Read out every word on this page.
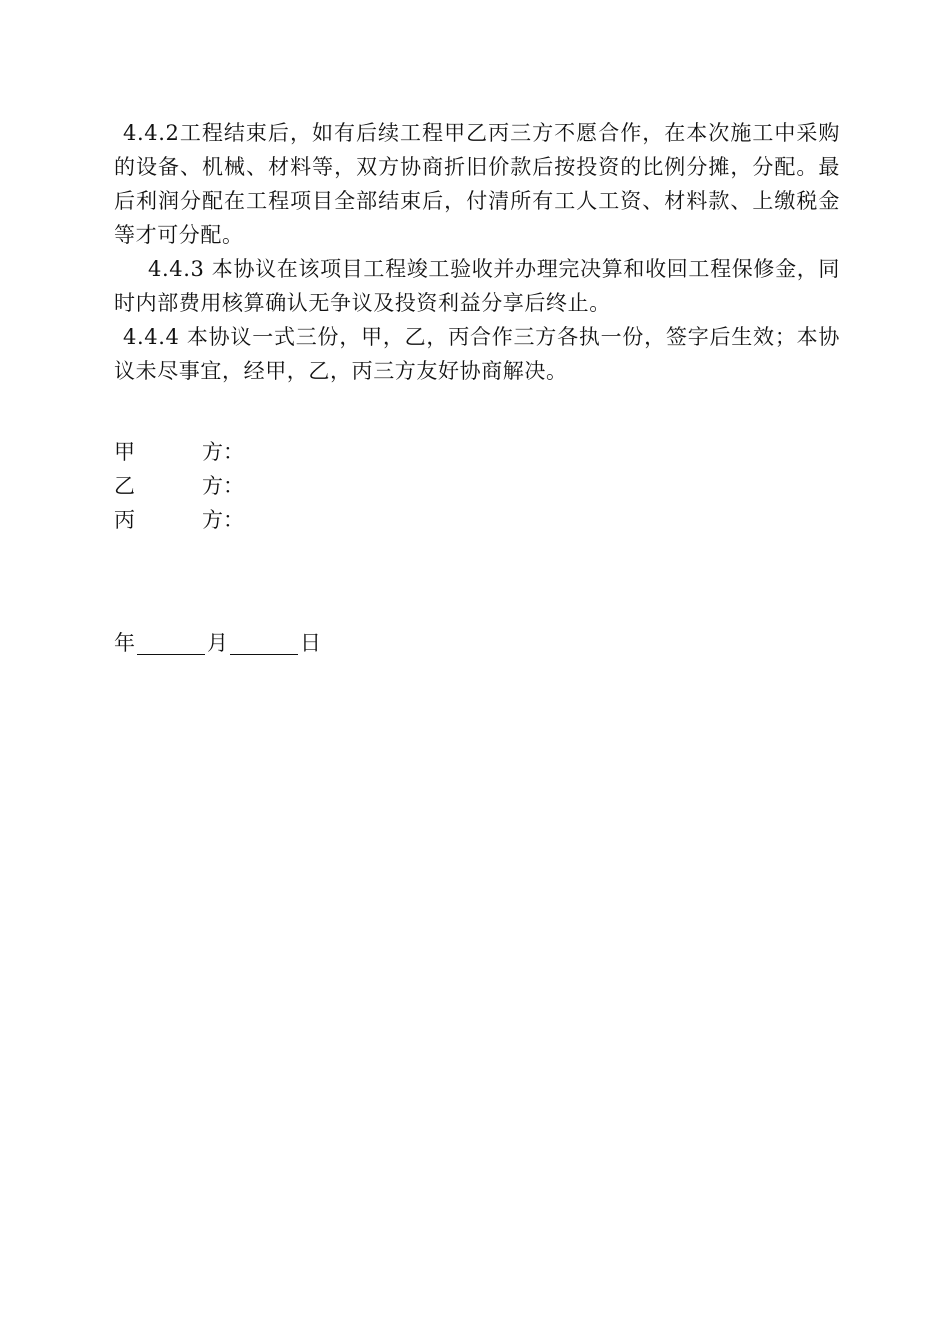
4.4.2工程结束后，如有后续工程甲乙丙三方不愿合作，在本次施工中采购的设备、机械、材料等，双方协商折旧价款后按投资的比例分摊，分配。最后利润分配在工程项目全部结束后，付清所有工人工资、材料款、上缴税金等才可分配。

4.4.3 本协议在该项目工程竣工验收并办理完决算和收回工程保修金，同时内部费用核算确认无争议及投资利益分享后终止。

4.4.4 本协议一式三份，甲，乙，丙合作三方各执一份，签字后生效；本协议未尽事宜，经甲，乙，丙三方友好协商解决。

甲	方：
乙	方：
丙	方：
年	月	日
